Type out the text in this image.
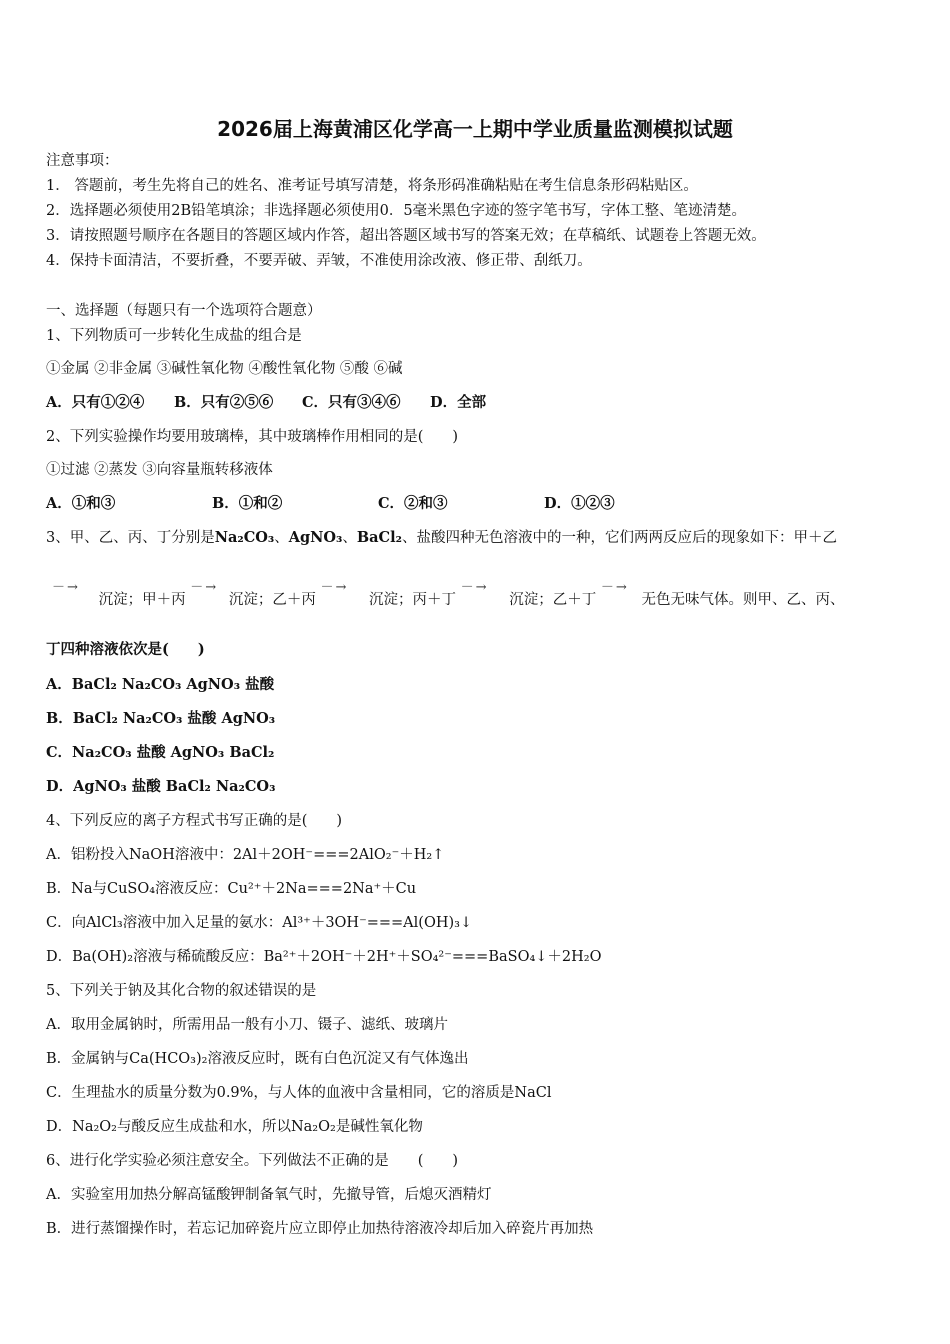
2026届上海黄浦区化学高一上期中学业质量监测模拟试题
注意事项：
1． 答题前，考生先将自己的姓名、准考证号填写清楚，将条形码准确粘贴在考生信息条形码粘贴区。
2．选择题必须使用2B铅笔填涂；非选择题必须使用0．5毫米黑色字迹的签字笔书写，字体工整、笔迹清楚。
3．请按照题号顺序在各题目的答题区域内作答，超出答题区域书写的答案无效；在草稿纸、试题卷上答题无效。
4．保持卡面清洁，不要折叠，不要弄破、弄皱，不准使用涂改液、修正带、刮纸刀。
一、选择题（每题只有一个选项符合题意）
1、下列物质可一步转化生成盐的组合是
①金属 ②非金属 ③碱性氧化物 ④酸性氧化物 ⑤酸 ⑥碱
A．只有①②④ B．只有②⑤⑥ C．只有③④⑥ D．全部
2、下列实验操作均要用玻璃棒，其中玻璃棒作用相同的是(　　)
①过滤 ②蒸发 ③向容量瓶转移液体
A．①和③	B．①和②	C．②和③	D．①②③
3、甲、乙、丙、丁分别是Na₂CO₃、AgNO₃、BaCl₂、盐酸四种无色溶液中的一种，它们两两反应后的现象如下：甲＋乙
－→
沉淀；甲＋丙
－→
沉淀；乙＋丙
－→
沉淀；丙＋丁
－→
沉淀；乙＋丁
－→
无色无味气体。则甲、乙、丙、
丁四种溶液依次是(　　)
A．BaCl₂ Na₂CO₃ AgNO₃ 盐酸
B．BaCl₂ Na₂CO₃ 盐酸 AgNO₃
C．Na₂CO₃ 盐酸 AgNO₃ BaCl₂
D．AgNO₃ 盐酸 BaCl₂ Na₂CO₃
4、下列反应的离子方程式书写正确的是(　　)
A．铝粉投入NaOH溶液中：2Al＋2OH⁻===2AlO₂⁻＋H₂↑
B．Na与CuSO₄溶液反应：Cu²⁺＋2Na===2Na⁺＋Cu
C．向AlCl₃溶液中加入足量的氨水：Al³⁺＋3OH⁻===Al(OH)₃↓
D．Ba(OH)₂溶液与稀硫酸反应：Ba²⁺＋2OH⁻＋2H⁺＋SO₄²⁻===BaSO₄↓＋2H₂O
5、下列关于钠及其化合物的叙述错误的是
A．取用金属钠时，所需用品一般有小刀、镊子、滤纸、玻璃片
B．金属钠与Ca(HCO₃)₂溶液反应时，既有白色沉淀又有气体逸出
C．生理盐水的质量分数为0.9%，与人体的血液中含量相同，它的溶质是NaCl
D．Na₂O₂与酸反应生成盐和水，所以Na₂O₂是碱性氧化物
6、进行化学实验必须注意安全。下列做法不正确的是　　(　　)
A．实验室用加热分解高锰酸钾制备氧气时，先撤导管，后熄灭酒精灯
B．进行蒸馏操作时，若忘记加碎瓷片应立即停止加热待溶液冷却后加入碎瓷片再加热
